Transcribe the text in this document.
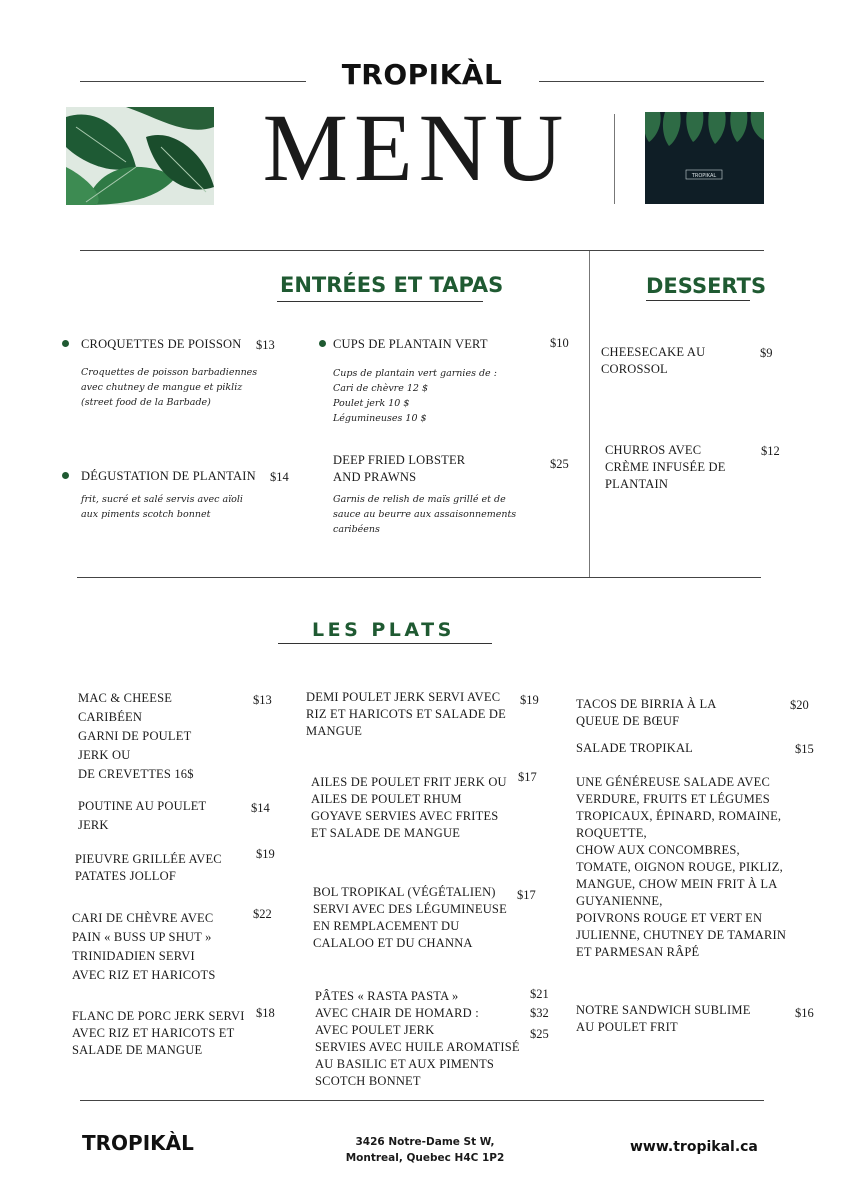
TROPIKÀL
MENU	TROPIKAL
ENTRÉES ET TAPAS	DESSERTS
CROQUETTES DE POISSON $13
Croquettes de poisson barbadiennes
avec chutney de mangue et pikliz
(street food de la Barbade)
DÉGUSTATION DE PLANTAIN $14
frit, sucré et salé servis avec aïoli
aux piments scotch bonnet
CUPS DE PLANTAIN VERT	$10
Cups de plantain vert garnies de :
Cari de chèvre 12 $
Poulet jerk 10 $
Légumineuses 10 $
DEEP FRIED LOBSTER
AND PRAWNS
$25
Garnis de relish de maïs grillé et de
sauce au beurre aux assaisonnements
caribéens
CHEESECAKE AU
COROSSOL
$9
CHURROS AVEC
CRÈME INFUSÉE DE
PLANTAIN
$12
LES PLATS
MAC & CHEESE
CARIBÉEN
GARNI DE POULET
JERK OU
DE CREVETTES 16$
$13
POUTINE AU POULET
JERK
$14
PIEUVRE GRILLÉE AVEC
PATATES JOLLOF
$19
CARI DE CHÈVRE AVEC
PAIN « BUSS UP SHUT »
TRINIDADIEN SERVI
AVEC RIZ ET HARICOTS
$22
FLANC DE PORC JERK SERVI
AVEC RIZ ET HARICOTS ET
SALADE DE MANGUE
$18
DEMI POULET JERK SERVI AVEC
RIZ ET HARICOTS ET SALADE DE
MANGUE
$19
AILES DE POULET FRIT JERK OU
AILES DE POULET RHUM
GOYAVE SERVIES AVEC FRITES
ET SALADE DE MANGUE
$17
BOL TROPIKAL (VÉGÉTALIEN)
SERVI AVEC DES LÉGUMINEUSE
EN REMPLACEMENT DU
CALALOO ET DU CHANNA
$17
PÂTES « RASTA PASTA »
AVEC CHAIR DE HOMARD :
AVEC POULET JERK
SERVIES AVEC HUILE AROMATISÉ
AU BASILIC ET AUX PIMENTS
SCOTCH BONNET
$21
$32
$25
TACOS DE BIRRIA À LA
QUEUE DE BŒUF
$20
SALADE TROPIKAL	$15
UNE GÉNÉREUSE SALADE AVEC
VERDURE, FRUITS ET LÉGUMES
TROPICAUX, ÉPINARD, ROMAINE,
ROQUETTE,
CHOW AUX CONCOMBRES,
TOMATE, OIGNON ROUGE, PIKLIZ,
MANGUE, CHOW MEIN FRIT À LA
GUYANIENNE,
POIVRONS ROUGE ET VERT EN
JULIENNE, CHUTNEY DE TAMARIN
ET PARMESAN RÂPÉ
NOTRE SANDWICH SUBLIME
AU POULET FRIT
$16
TROPIKÀL	3426 Notre-Dame St W,
Montreal, Quebec H4C 1P2
www.tropikal.ca
